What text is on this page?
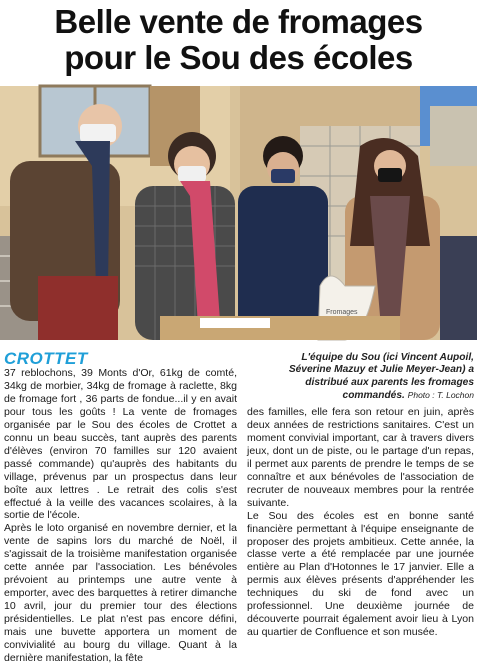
Belle vente de fromages
pour le Sou des écoles
Fromages
CROTTET	L'équipe du Sou (ici Vincent Aupoil, Séverine Mazuy et Julie Meyer-Jean) a distribué aux parents les fromages commandés. Photo : T. Lochon

37 reblochons, 39 Monts d'Or, 61kg de comté, 34kg de morbier, 34kg de fromage à raclette, 8kg de fromage fort , 36 parts de fondue...il y en avait pour tous les goûts ! La vente de fromages organisée par le Sou des écoles de Crottet a connu un beau succès, tant auprès des parents d'élèves (environ 70 familles sur 120 avaient passé commande) qu'auprès des habitants du village, prévenus par un prospectus dans leur boîte aux lettres . Le retrait des colis s'est effectué à la veille des vacances scolaires, à la sortie de l'école.

Après le loto organisé en novembre dernier, et la vente de sapins lors du marché de Noël, il s'agissait de la troisième manifestation organisée cette année par l'association. Les bénévoles prévoient au printemps une autre vente à emporter, avec des barquettes à retirer dimanche 10 avril, jour du premier tour des élections présidentielles. Le plat n'est pas encore défini, mais une buvette apportera un moment de convivialité au bourg du village. Quant à la dernière manifestation, la fête

des familles, elle fera son retour en juin, après deux années de restrictions sanitaires. C'est un moment convivial important, car à travers divers jeux, dont un de piste, ou le partage d'un repas, il permet aux parents de prendre le temps de se connaître et aux bénévoles de l'association de recruter de nouveaux membres pour la rentrée suivante.

Le Sou des écoles est en bonne santé financière permettant à l'équipe enseignante de proposer des projets ambitieux. Cette année, la classe verte a été remplacée par une journée entière au Plan d'Hotonnes le 17 janvier. Elle a permis aux élèves présents d'appréhender les techniques du ski de fond avec un professionnel. Une deuxième journée de découverte pourrait également avoir lieu à Lyon au quartier de Confluence et son musée.
